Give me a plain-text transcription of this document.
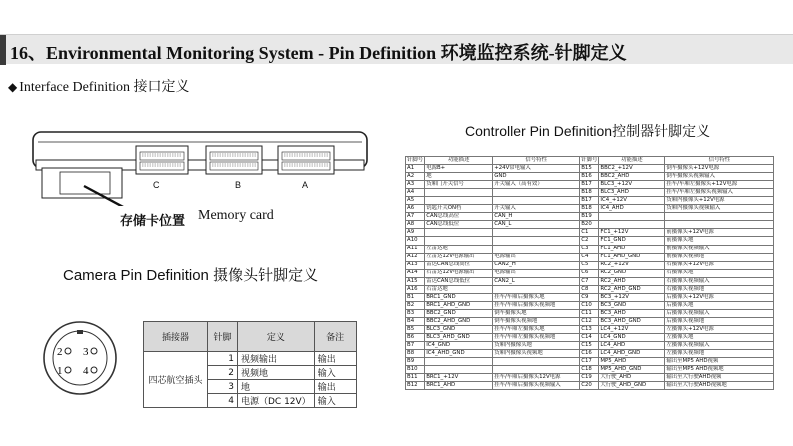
16、Environmental Monitoring System - Pin Definition 环境监控系统-针脚定义
◆ Interface Definition 接口定义
C	B	A
存储卡位置 Memory card
Camera Pin Definition 摄像头针脚定义
2 3
1 4
插接器	针脚	定义	备注
四芯航空插头	1	视频输出	输出
	2	视频地	输入
	3	地	输出
	4	电源（DC 12V）	输入
Controller Pin Definition控制器针脚定义
针脚号	功能描述	信号特性	针脚号	功能描述	信号特性
A1	电源B+	+24V常电输入	B15	BBC2_+12V	倒车摄像头+12V电源
A2	地	GND	B16	BBC2_AHD	倒车摄像头视频输入
A3	货厢门开关信号	开关输入（高有效）	B17	BLC3_+12V	挂车/车厢左摄像头+12V电源
A4			B18	BLC3_AHD	挂车/车厢左摄像头视频输入
A5			B17	IC4_+12V	货厢内摄像头+12V电源
A6	钥匙开关ON档	开关输入	B18	IC4_AHD	货厢内摄像头视频输入
A7	CAN总线高位	CAN_H	B19		
A8	CAN总线低位	CAN_L	B20		
A9			C1	FC1_+12V	前摄像头+12V电源
A10			C2	FC1_GND	前摄像头地
A11	左雷达地		C3	FC1_AHD	前摄像头视频输入
A12	左雷达12V电源输出	电源输出	C4	FC1_AHD_GND	前摄像头视频地
A13	雷达CAN总线高位	CAN2_H	C5	RC2_+12V	右摄像头+12V电源
A14	右雷达12V电源输出	电源输出	C6	RC2_GND	右摄像头地
A15	雷达CAN总线低位	CAN2_L	C7	RC2_AHD	右摄像头视频输入
A16	右雷达地		C8	RC2_AHD_GND	右摄像头视频地
B1	BRC1_GND	挂车/车厢后摄像头地	C9	BC3_+12V	后摄像头+12V电源
B2	BRC1_AHD_GND	挂车/车厢后摄像头视频地	C10	BC3_GND	后摄像头地
B3	BBC2_GND	倒车摄像头地	C11	BC3_AHD	后摄像头视频输入
B4	BBC2_AHD_GND	倒车摄像头视频地	C12	BC3_AHD_GND	后摄像头视频地
B5	BLC3_GND	挂车/车厢左摄像头地	C13	LC4_+12V	左摄像头+12V电源
B6	BLC3_AHD_GND	挂车/车厢左摄像头视频地	C14	LC4_GND	左摄像头地
B7	IC4_GND	货厢内摄像头地	C15	LC4_AHD	左摄像头视频输入
B8	IC4_AHD_GND	货厢内摄像头视频地	C16	LC4_AHD_GND	左摄像头视频地
B9			C17	MP5_AHD	输出至MP5 AHD视频
B10			C18	MP5_AHD_GND	输出至MP5 AHD视频地
B11	BRC1_+12V	挂车/车厢后摄像头12V电源	C19	大行驶_AHD	输出至大行驶AHD视频
B12	BRC1_AHD	挂车/车厢后摄像头视频输入	C20	大行驶_AHD_GND	输出至大行驶AHD视频地
